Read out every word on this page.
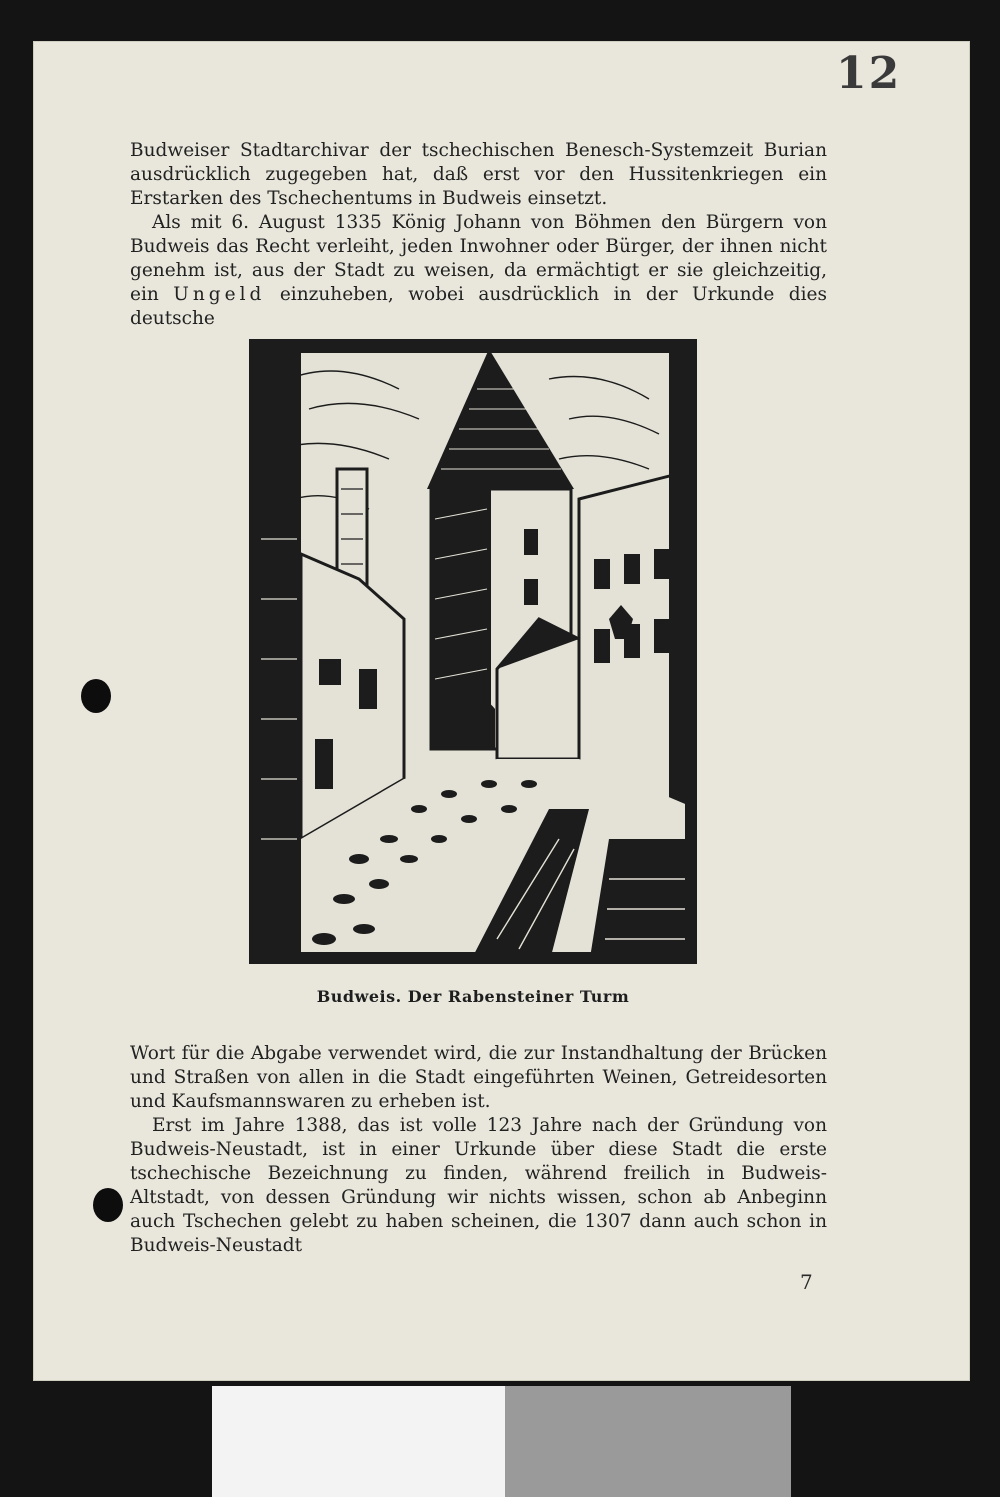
12

Budweiser Stadtarchivar der tschechischen Benesch-Systemzeit Burian ausdrücklich zugegeben hat, daß erst vor den Hussitenkriegen ein Erstarken des Tschechentums in Budweis einsetzt.

Als mit 6. August 1335 König Johann von Böhmen den Bürgern von Budweis das Recht verleiht, jeden Inwohner oder Bürger, der ihnen nicht genehm ist, aus der Stadt zu weisen, da ermächtigt er sie gleichzeitig, ein Ungeld einzuheben, wobei ausdrücklich in der Urkunde dies deutsche

AL
Budweis. Der Rabensteiner Turm

Wort für die Abgabe verwendet wird, die zur Instandhaltung der Brücken und Straßen von allen in die Stadt eingeführten Weinen, Getreidesorten und Kaufsmannswaren zu erheben ist.

Erst im Jahre 1388, das ist volle 123 Jahre nach der Gründung von Budweis-Neustadt, ist in einer Urkunde über diese Stadt die erste tschechische Bezeichnung zu finden, während freilich in Budweis-Altstadt, von dessen Gründung wir nichts wissen, schon ab Anbeginn auch Tschechen gelebt zu haben scheinen, die 1307 dann auch schon in Budweis-Neustadt

7
